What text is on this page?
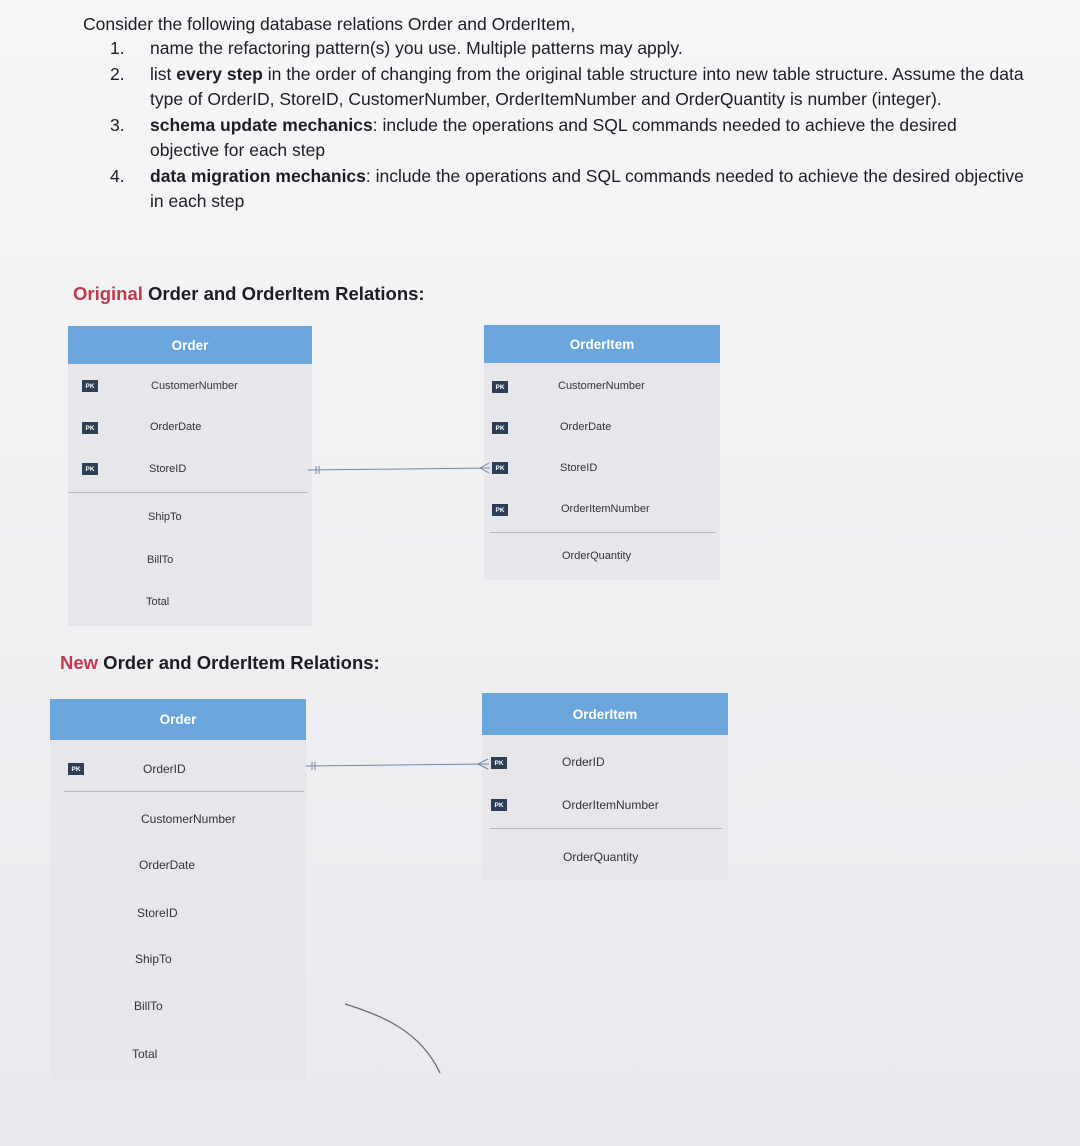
Consider the following database relations Order and OrderItem,

1.	name the refactoring pattern(s) you use. Multiple patterns may apply.
2.	list every step in the order of changing from the original table structure into new table structure. Assume the data type of OrderID, StoreID, CustomerNumber, OrderItemNumber and OrderQuantity is number (integer).
3.	schema update mechanics: include the operations and SQL commands needed to achieve the desired objective for each step
4.	data migration mechanics: include the operations and SQL commands needed to achieve the desired objective in each step
Original Order and OrderItem Relations:
Order
PK	CustomerNumber
PK	OrderDate
PK	StoreID
ShipTo
BillTo
Total
OrderItem
PK	CustomerNumber
PK	OrderDate
PK	StoreID
PK	OrderItemNumber
OrderQuantity
New Order and OrderItem Relations:
Order
PK	OrderID
CustomerNumber
OrderDate
StoreID
ShipTo
BillTo
Total
OrderItem
PK	OrderID
PK	OrderItemNumber
OrderQuantity
